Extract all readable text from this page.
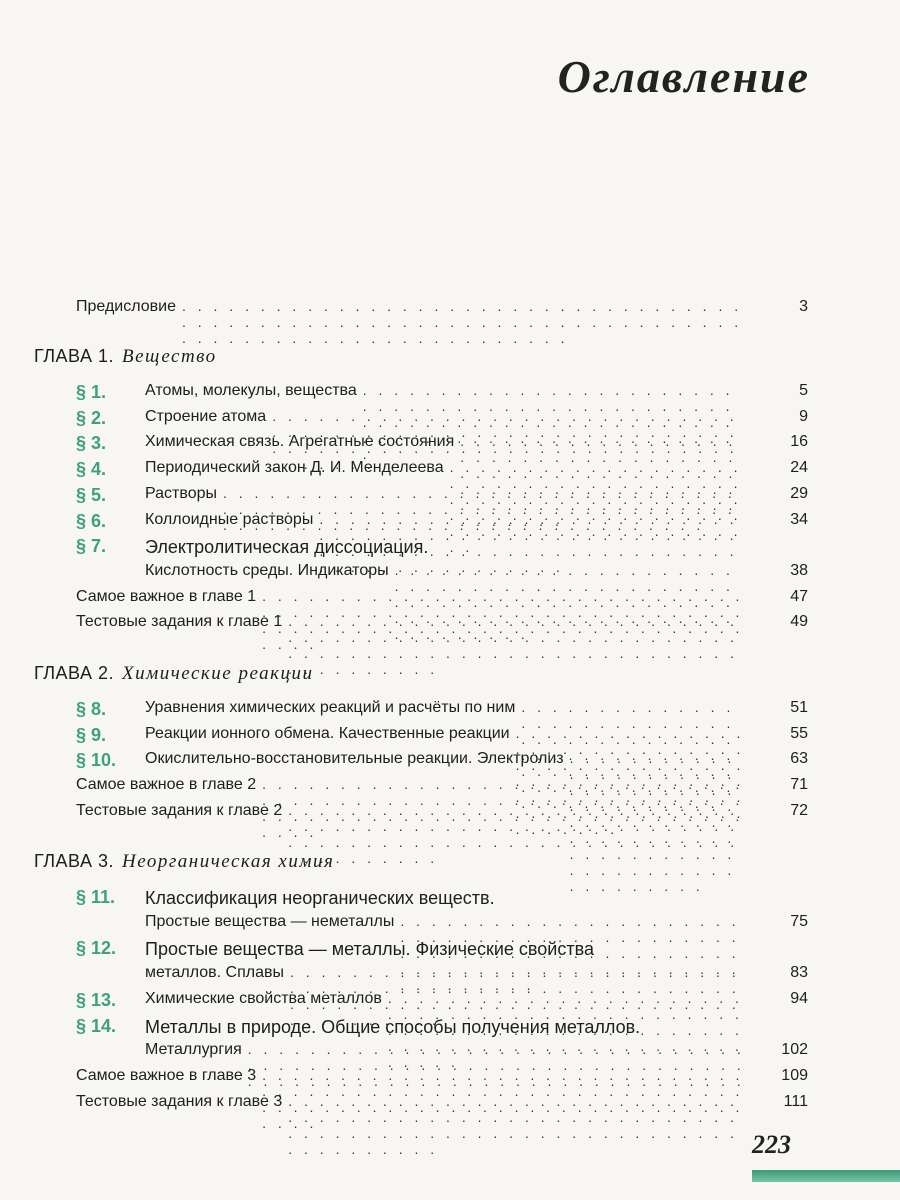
Оглавление
Предисловие . . .	3
ГЛАВА 1. Вещество
§ 1. Атомы, молекулы, вещества . . .	5
§ 2. Строение атома . . .	9
§ 3. Химическая связь. Агрегатные состояния . . .	16
§ 4. Периодический закон Д. И. Менделеева . . .	24
§ 5. Растворы . . .	29
§ 6. Коллоидные растворы . . .	34
§ 7. Электролитическая диссоциация.
Кислотность среды. Индикаторы . . .	38
Самое важное в главе 1 . . .	47
Тестовые задания к главе 1 . . .	49
ГЛАВА 2. Химические реакции
§ 8. Уравнения химических реакций и расчёты по ним . . .	51
§ 9. Реакции ионного обмена. Качественные реакции . . .	55
§ 10. Окислительно-восстановительные реакции. Электролиз . . .	63
Самое важное в главе 2 . . .	71
Тестовые задания к главе 2 . . .	72
ГЛАВА 3. Неорганическая химия
§ 11. Классификация неорганических веществ.
Простые вещества — неметаллы . . .	75
§ 12. Простые вещества — металлы. Физические свойства
металлов. Сплавы . . .	83
§ 13. Химические свойства металлов . . .	94
§ 14. Металлы в природе. Общие способы получения металлов.
Металлургия . . .	102
Самое важное в главе 3 . . .	109
Тестовые задания к главе 3 . . .	111
223
